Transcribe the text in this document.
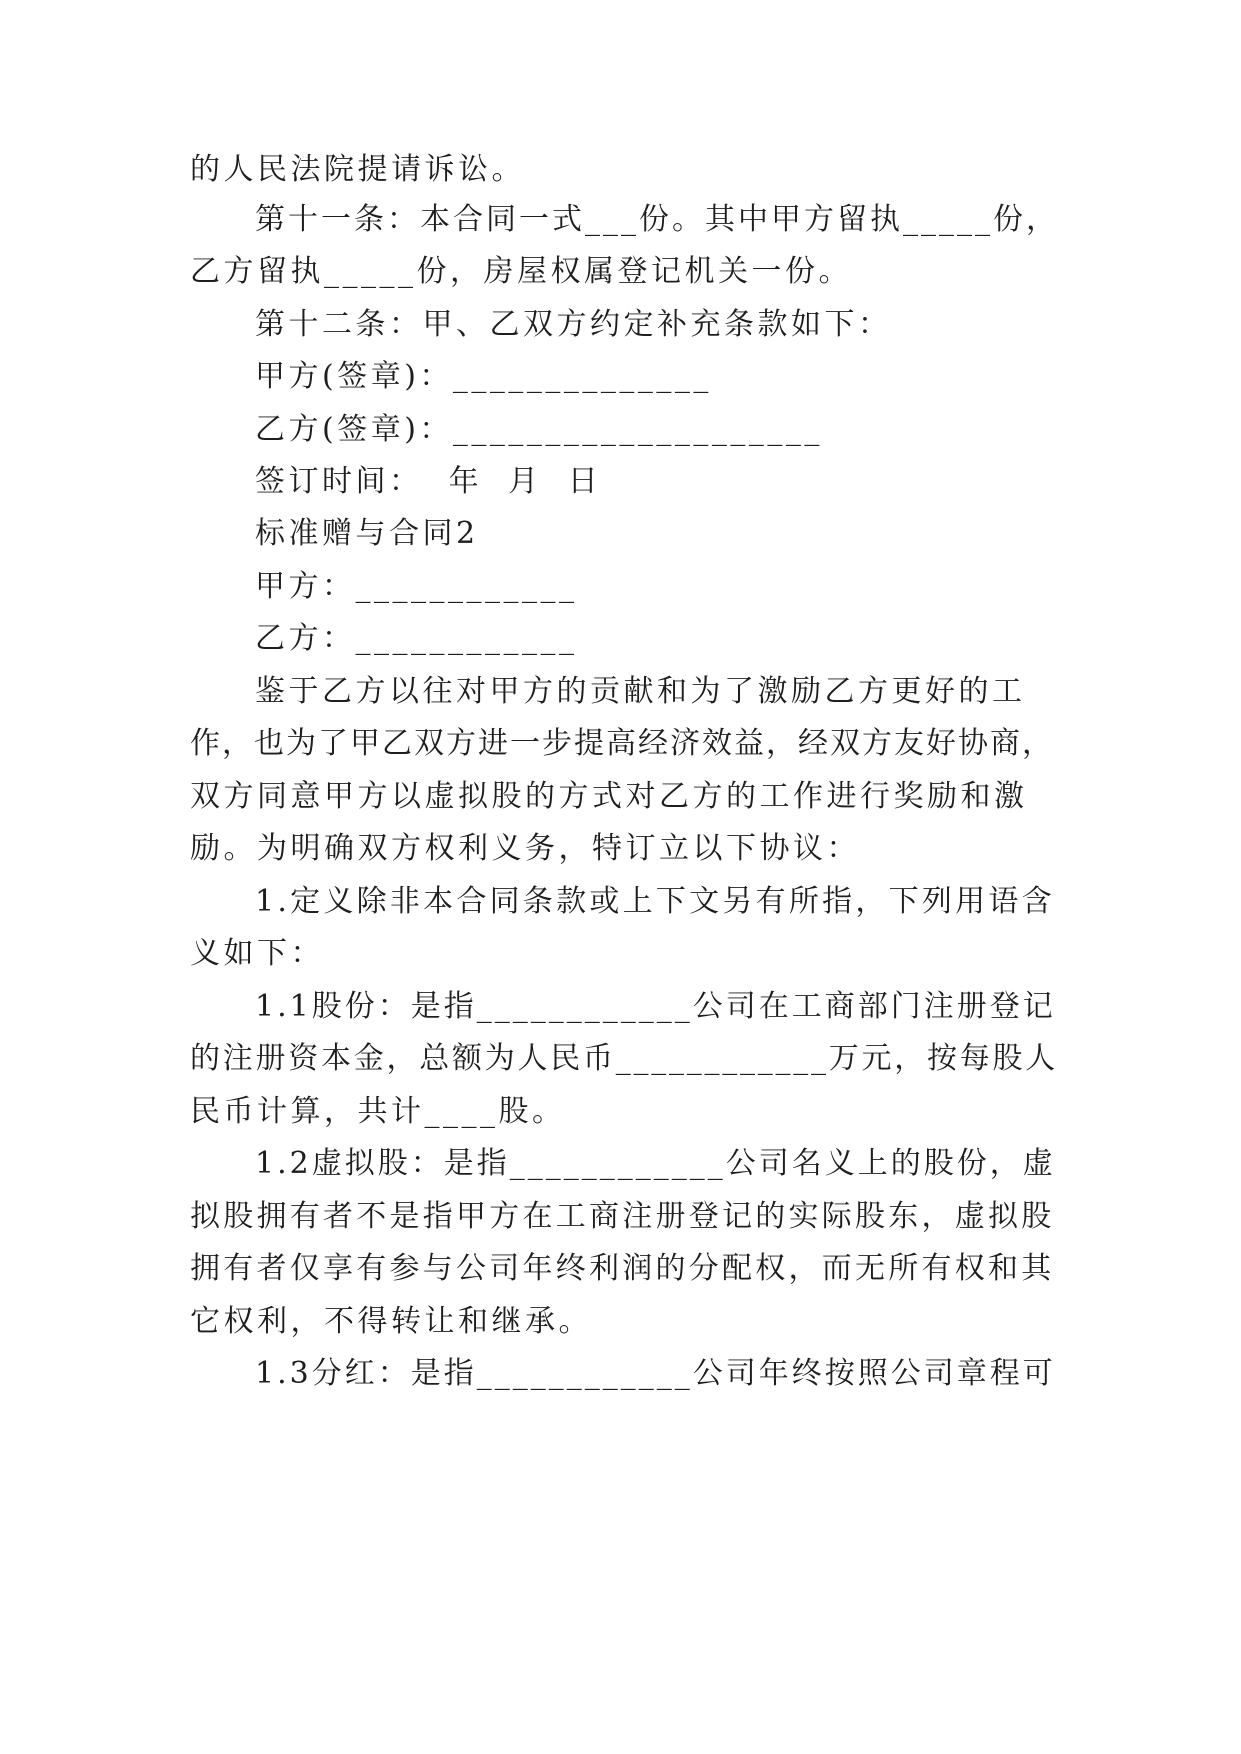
的人民法院提请诉讼。
第十一条：本合同一式___份。其中甲方留执_____份，
乙方留执_____份，房屋权属登记机关一份。
第十二条：甲、乙双方约定补充条款如下：
甲方(签章)：______________
乙方(签章)：____________________
签订时间：  年  月  日
标准赠与合同2
甲方：____________
乙方：____________
鉴于乙方以往对甲方的贡献和为了激励乙方更好的工
作，也为了甲乙双方进一步提高经济效益，经双方友好协商，
双方同意甲方以虚拟股的方式对乙方的工作进行奖励和激
励。为明确双方权利义务，特订立以下协议：
1.定义除非本合同条款或上下文另有所指，下列用语含
义如下：
1.1股份：是指____________公司在工商部门注册登记
的注册资本金，总额为人民币____________万元，按每股人
民币计算，共计____股。
1.2虚拟股：是指____________公司名义上的股份，虚
拟股拥有者不是指甲方在工商注册登记的实际股东，虚拟股
拥有者仅享有参与公司年终利润的分配权，而无所有权和其
它权利，不得转让和继承。
1.3分红：是指____________公司年终按照公司章程可
